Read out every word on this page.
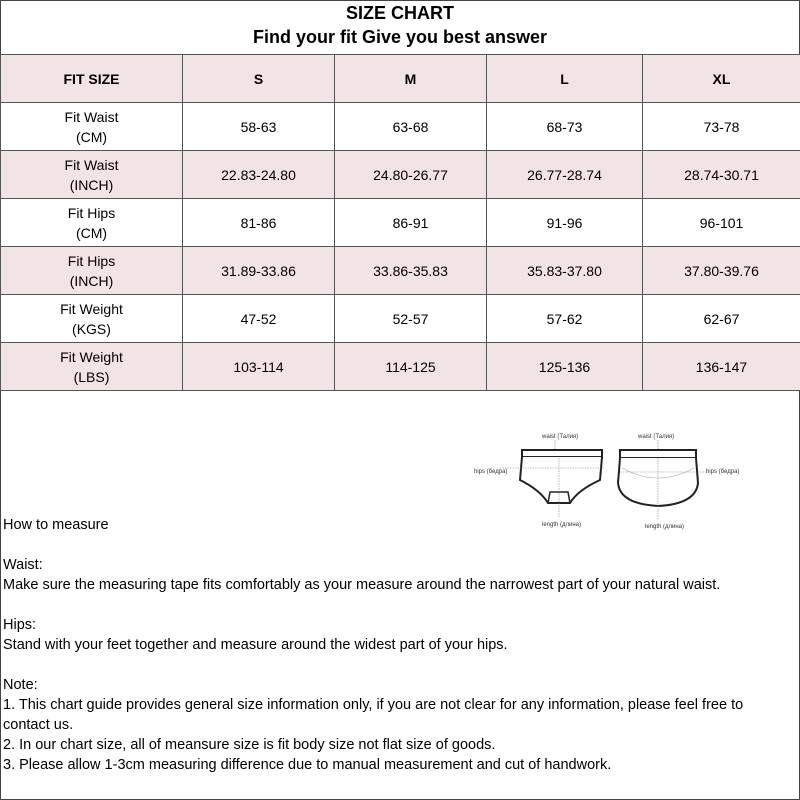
SIZE CHART
Find your fit Give you best answer
FIT SIZE	S	M	L	XL
Fit Waist
(CM)	58-63	63-68	68-73	73-78
Fit Waist
(INCH)	22.83-24.80	24.80-26.77	26.77-28.74	28.74-30.71
Fit Hips
(CM)	81-86	86-91	91-96	96-101
Fit Hips
(INCH)	31.89-33.86	33.86-35.83	35.83-37.80	37.80-39.76
Fit Weight
(KGS)	47-52	52-57	57-62	62-67
Fit Weight
(LBS)	103-114	114-125	125-136	136-147
waist (Талия)
hips (бедра)
length (длина)
waist (Талия)
hips (бедра)
length (длина)
How to measure

Waist:

Make sure the measuring tape fits comfortably as your measure around the narrowest part of your natural waist.

Hips:

Stand with your feet together and measure around the widest part of your hips.

Note:

1. This chart guide provides general size information only, if you are not clear for any information, please feel free to contact us.

2. In our chart size, all of meansure size is fit body size not flat size of goods.

3. Please allow 1-3cm measuring difference due to manual measurement and cut of handwork.
